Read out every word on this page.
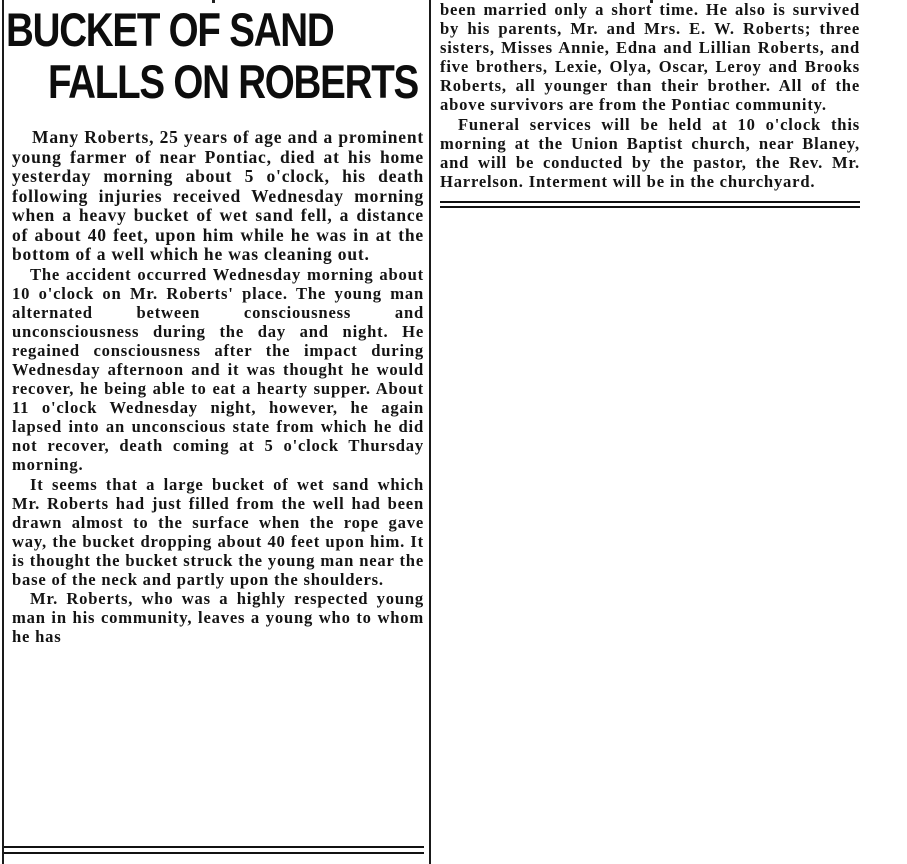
BUCKET OF SAND
FALLS ON ROBERTS

Many Roberts, 25 years of age and a prominent young farmer of near Pontiac, died at his home yesterday morning about 5 o'clock, his death following injuries received Wednesday morning when a heavy bucket of wet sand fell, a distance of about 40 feet, upon him while he was in at the bottom of a well which he was cleaning out.

The accident occurred Wednesday morning about 10 o'clock on Mr. Roberts' place. The young man alternated between consciousness and unconsciousness during the day and night. He regained consciousness after the impact during Wednesday afternoon and it was thought he would recover, he being able to eat a hearty supper. About 11 o'clock Wednesday night, however, he again lapsed into an unconscious state from which he did not recover, death coming at 5 o'clock Thursday morning.

It seems that a large bucket of wet sand which Mr. Roberts had just filled from the well had been drawn almost to the surface when the rope gave way, the bucket dropping about 40 feet upon him. It is thought the bucket struck the young man near the base of the neck and partly upon the shoulders.

Mr. Roberts, who was a highly respected young man in his community, leaves a young who to whom he has

been married only a short time. He also is survived by his parents, Mr. and Mrs. E. W. Roberts; three sisters, Misses Annie, Edna and Lillian Roberts, and five brothers, Lexie, Olya, Oscar, Leroy and Brooks Roberts, all younger than their brother. All of the above survivors are from the Pontiac community.

Funeral services will be held at 10 o'clock this morning at the Union Baptist church, near Blaney, and will be conducted by the pastor, the Rev. Mr. Harrelson. Interment will be in the churchyard.
